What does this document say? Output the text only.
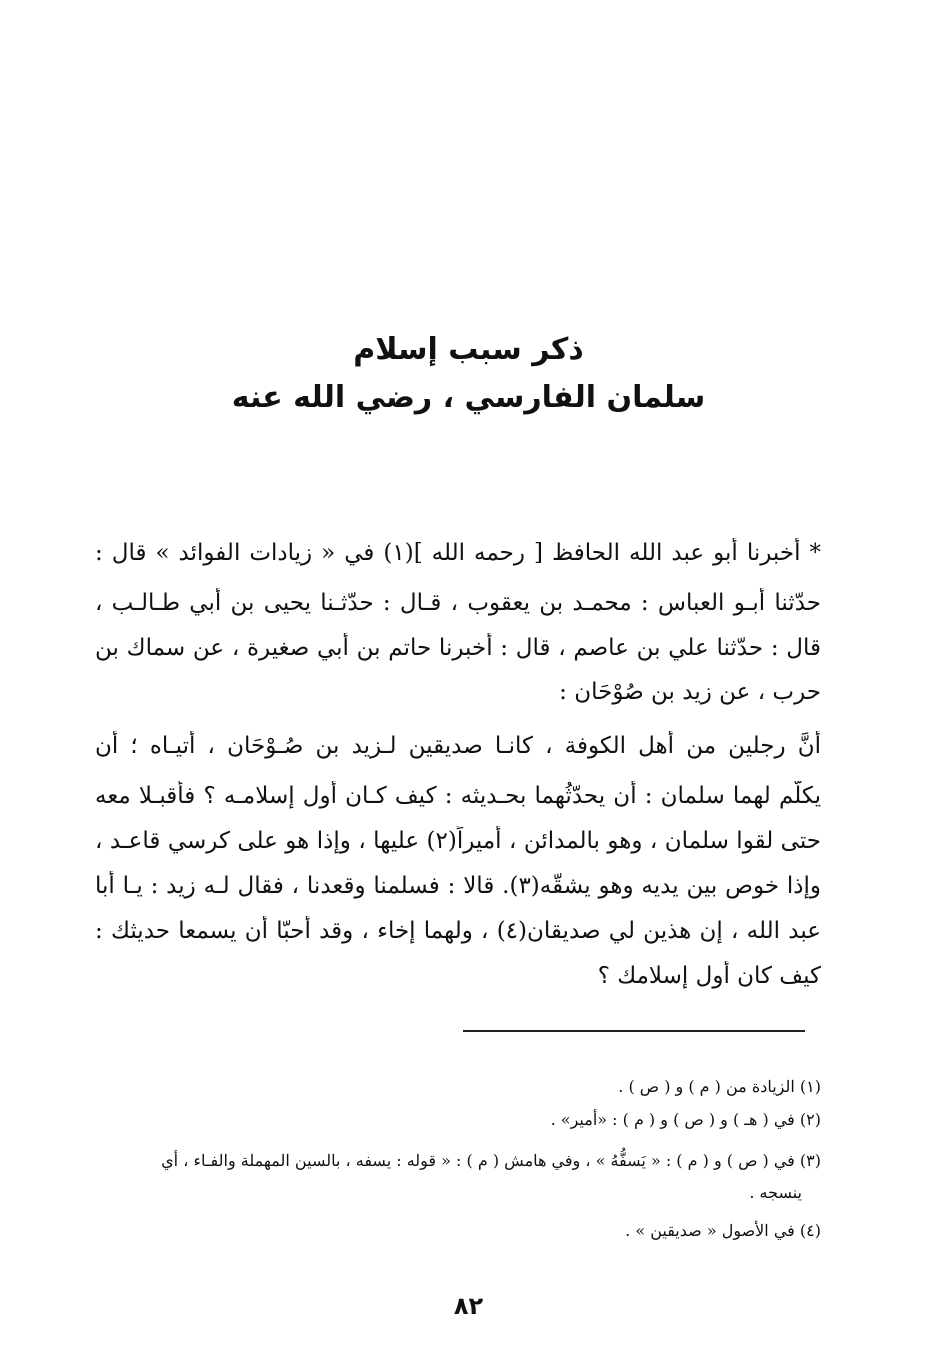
ذكر سبب إسلام
سلمان الفارسي ، رضي الله عنه
* أخبرنا أبو عبد الله الحافظ [ رحمه الله ](١) في « زيادات الفوائد » قال :
حدّثنا أبـو العباس : محمـد بن يعقوب ، قـال : حدّثـنا يحيى بن أبي طـالـب ،
قال : حدّثنا علي بن عاصم ، قال : أخبرنا حاتم بن أبي صغيرة ، عن سماك بن
حرب ، عن زيد بن صُوْحَان :
أنَّ رجلين من أهل الكوفة ، كانـا صديقين لـزيد بن صُـوْحَان ، أتيـاه ؛ أن
يكلّم لهما سلمان : أن يحدّثُهما بحـديثه : كيف كـان أول إسلامـه ؟ فأقبـلا معه
حتى لقوا سلمان ، وهو بالمدائن ، أميراً(٢) عليها ، وإذا هو على كرسي قاعـد ،
وإذا خوص بين يديه وهو يشقّه(٣). قالا : فسلمنا وقعدنا ، فقال لـه زيد : يـا أبا
عبد الله ، إن هذين لي صديقان(٤) ، ولهما إخاء ، وقد أحبّا أن يسمعا حديثك :
كيف كان أول إسلامك ؟
(١) الزيادة من ( م ) و ( ص ) .
(٢) في ( هـ ) و ( ص ) و ( م ) : «أمير» .
(٣) في ( ص ) و ( م ) : « يَسفُّهُ » ، وفي هامش ( م ) : « قوله : يسفه ، بالسين المهملة والفـاء ، أي
ينسجه .
(٤) في الأصول « صديقين » .
٨٢
